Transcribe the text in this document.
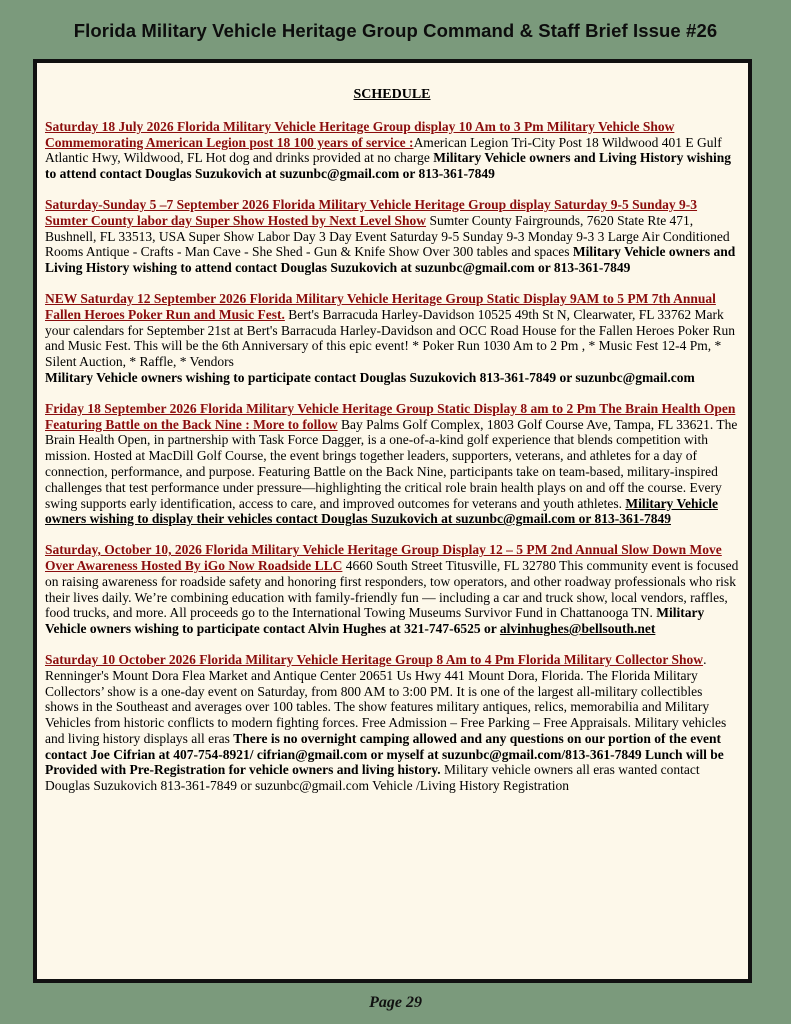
Florida Military Vehicle Heritage Group Command & Staff Brief Issue #26
SCHEDULE
Saturday 18 July 2026 Florida Military Vehicle Heritage Group display 10 Am to 3 Pm Military Vehicle Show Commemorating American Legion post 18 100 years of service :American Legion Tri-City Post 18 Wildwood 401 E Gulf Atlantic Hwy, Wildwood, FL Hot dog and drinks provided at no charge Military Vehicle owners and Living History wishing to attend contact Douglas Suzukovich at suzunbc@gmail.com or 813-361-7849
Saturday-Sunday 5 –7 September 2026 Florida Military Vehicle Heritage Group display Saturday 9-5 Sunday 9-3 Sumter County labor day Super Show Hosted by Next Level Show Sumter County Fairgrounds, 7620 State Rte 471, Bushnell, FL 33513, USA Super Show Labor Day 3 Day Event Saturday 9-5 Sunday 9-3 Monday 9-3 3 Large Air Conditioned Rooms Antique - Crafts - Man Cave - She Shed - Gun & Knife Show Over 300 tables and spaces Military Vehicle owners and Living History wishing to attend contact Douglas Suzukovich at suzunbc@gmail.com or 813-361-7849
NEW Saturday 12 September 2026 Florida Military Vehicle Heritage Group Static Display 9AM to 5 PM 7th Annual Fallen Heroes Poker Run and Music Fest. Bert's Barracuda Harley-Davidson 10525 49th St N, Clearwater, FL 33762 Mark your calendars for September 21st at Bert's Barracuda Harley-Davidson and OCC Road House for the Fallen Heroes Poker Run and Music Fest. This will be the 6th Anniversary of this epic event! * Poker Run 1030 Am to 2 Pm , * Music Fest 12-4 Pm, * Silent Auction, * Raffle, * Vendors
Military Vehicle owners wishing to participate contact Douglas Suzukovich 813-361-7849 or suzunbc@gmail.com
Friday 18 September 2026 Florida Military Vehicle Heritage Group Static Display 8 am to 2 Pm The Brain Health Open Featuring Battle on the Back Nine : More to follow Bay Palms Golf Complex, 1803 Golf Course Ave, Tampa, FL 33621. The Brain Health Open, in partnership with Task Force Dagger, is a one-of-a-kind golf experience that blends competition with mission. Hosted at MacDill Golf Course, the event brings together leaders, supporters, veterans, and athletes for a day of connection, performance, and purpose. Featuring Battle on the Back Nine, participants take on team-based, military-inspired challenges that test performance under pressure—highlighting the critical role brain health plays on and off the course. Every swing supports early identification, access to care, and improved outcomes for veterans and youth athletes. Military Vehicle owners wishing to display their vehicles contact Douglas Suzukovich at suzunbc@gmail.com or 813-361-7849
Saturday, October 10, 2026 Florida Military Vehicle Heritage Group Display 12 – 5 PM 2nd Annual Slow Down Move Over Awareness Hosted By iGo Now Roadside LLC 4660 South Street Titusville, FL 32780 This community event is focused on raising awareness for roadside safety and honoring first responders, tow operators, and other roadway professionals who risk their lives daily. We’re combining education with family-friendly fun — including a car and truck show, local vendors, raffles, food trucks, and more. All proceeds go to the International Towing Museums Survivor Fund in Chattanooga TN. Military Vehicle owners wishing to participate contact Alvin Hughes at 321-747-6525 or alvinhughes@bellsouth.net
Saturday 10 October 2026 Florida Military Vehicle Heritage Group 8 Am to 4 Pm Florida Military Collector Show. Renninger's Mount Dora Flea Market and Antique Center 20651 Us Hwy 441 Mount Dora, Florida. The Florida Military Collectors’ show is a one-day event on Saturday, from 800 AM to 3:00 PM. It is one of the largest all-military collectibles shows in the Southeast and averages over 100 tables. The show features military antiques, relics, memorabilia and Military Vehicles from historic conflicts to modern fighting forces. Free Admission – Free Parking – Free Appraisals. Military vehicles and living history displays all eras There is no overnight camping allowed and any questions on our portion of the event contact Joe Cifrian at 407-754-8921/ cifrian@gmail.com or myself at suzunbc@gmail.com/813-361-7849 Lunch will be Provided with Pre-Registration for vehicle owners and living history. Military vehicle owners all eras wanted contact Douglas Suzukovich 813-361-7849 or suzunbc@gmail.com Vehicle /Living History Registration
Page 29
